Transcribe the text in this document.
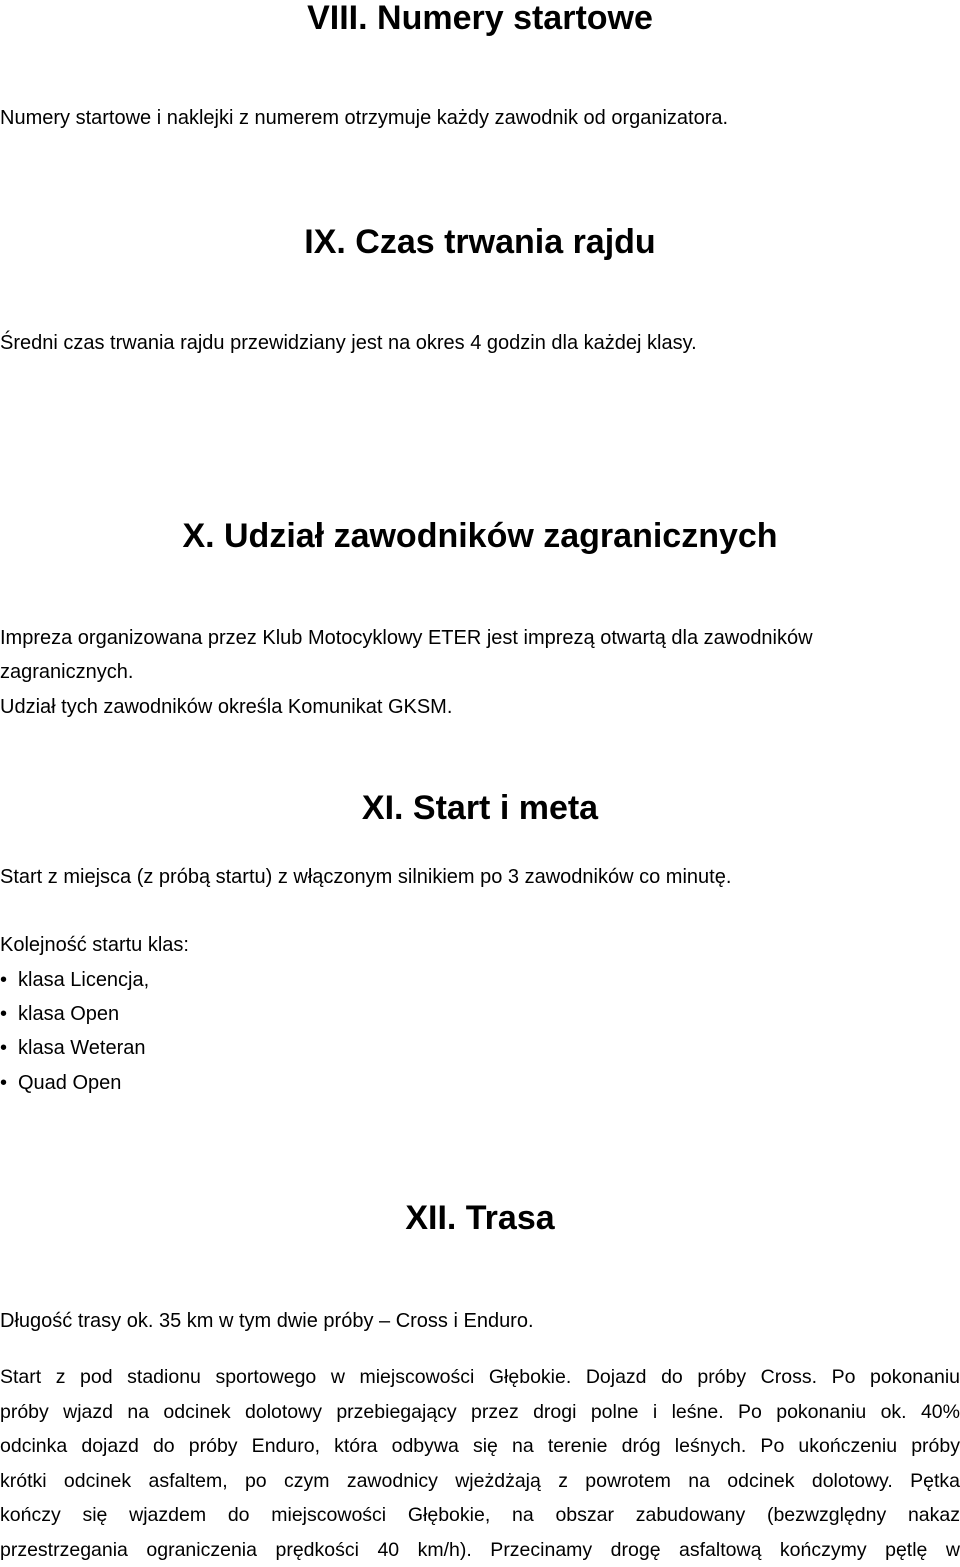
VIII. Numery startowe
Numery startowe i naklejki z numerem otrzymuje każdy zawodnik od organizatora.
IX. Czas trwania rajdu
Średni czas trwania rajdu przewidziany jest na okres 4 godzin dla każdej klasy.
X. Udział zawodników zagranicznych
Impreza organizowana przez Klub Motocyklowy ETER jest imprezą otwartą dla zawodników
zagranicznych.
Udział tych zawodników określa Komunikat GKSM.
XI. Start i meta
Start z miejsca (z próbą startu) z włączonym silnikiem po 3 zawodników co minutę.
Kolejność startu klas:
• klasa Licencja,
• klasa Open
• klasa Weteran
• Quad Open
XII. Trasa
Długość trasy ok. 35 km w tym dwie próby – Cross i Enduro.
Start z pod stadionu sportowego w miejscowości Głębokie. Dojazd do próby Cross. Po pokonaniu
próby wjazd na odcinek dolotowy przebiegający przez drogi polne i leśne. Po pokonaniu ok. 40%
odcinka dojazd do próby Enduro, która odbywa się na terenie dróg leśnych. Po ukończeniu próby
krótki odcinek asfaltem, po czym zawodnicy wjeżdżają z powrotem na odcinek dolotowy. Pętka
kończy się wjazdem do miejscowości Głębokie, na obszar zabudowany (bezwzględny nakaz
przestrzegania ograniczenia prędkości 40 km/h). Przecinamy drogę asfaltową kończymy pętlę w
